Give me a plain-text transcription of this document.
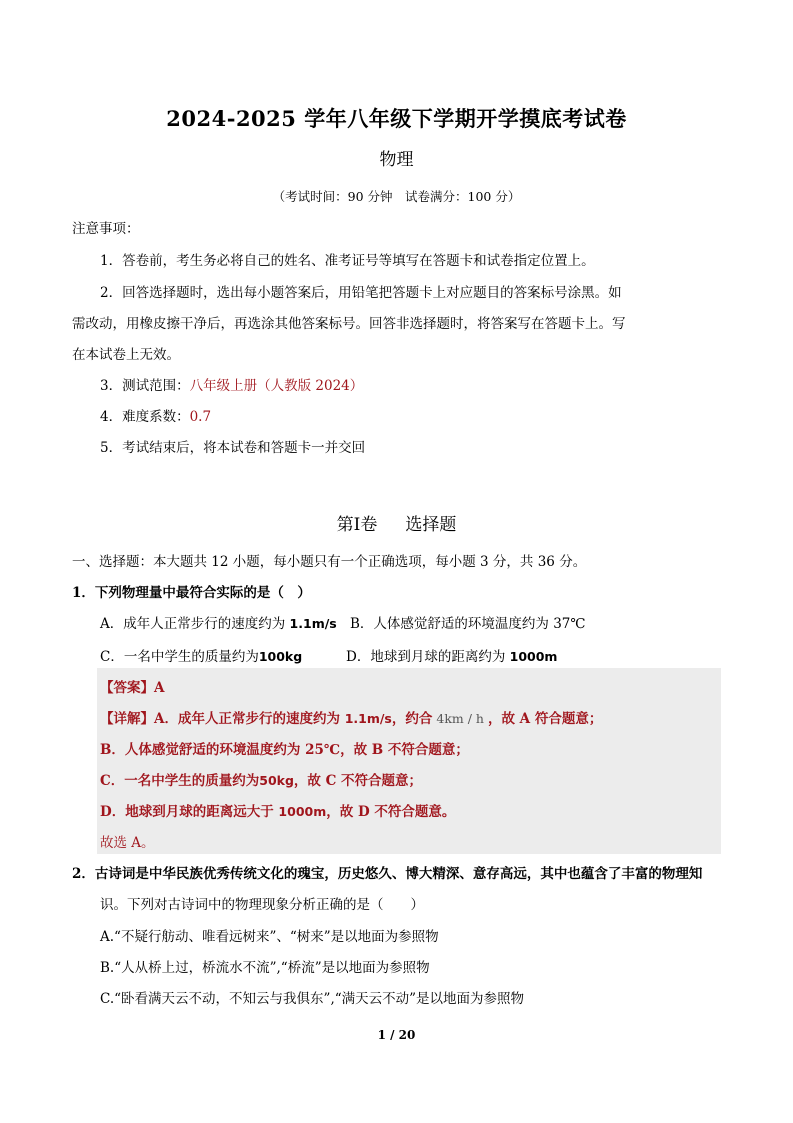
2024-2025 学年八年级下学期开学摸底考试卷
物理
（考试时间：90 分钟　试卷满分：100 分）
注意事项：
1．答卷前，考生务必将自己的姓名、准考证号等填写在答题卡和试卷指定位置上。
2．回答选择题时，选出每小题答案后，用铅笔把答题卡上对应题目的答案标号涂黑。如
需改动，用橡皮擦干净后，再选涂其他答案标号。回答非选择题时，将答案写在答题卡上。写
在本试卷上无效。
3．测试范围：八年级上册（人教版 2024）
4．难度系数：0.7
5．考试结束后，将本试卷和答题卡一并交回
第Ⅰ卷 选择题
一、选择题：本大题共 12 小题，每小题只有一个正确选项，每小题 3 分，共 36 分。
1．下列物理量中最符合实际的是（　）
A．成年人正常步行的速度约为 1.1m/s B．人体感觉舒适的环境温度约为 37℃
C．一名中学生的质量约为100kg	D．地球到月球的距离约为 1000m
【答案】A
【详解】A．成年人正常步行的速度约为 1.1m/s，约合 4km / h ，故 A 符合题意；
B．人体感觉舒适的环境温度约为 25℃，故 B 不符合题意；
C．一名中学生的质量约为50kg，故 C 不符合题意；
D．地球到月球的距离远大于 1000m，故 D 不符合题意。
故选 A。
2．古诗词是中华民族优秀传统文化的瑰宝，历史悠久、博大精深、意存高远，其中也蕴含了丰富的物理知
识。下列对古诗词中的物理现象分析正确的是（　　）
A.“不疑行舫动、唯看远树来”、“树来”是以地面为参照物
B.“人从桥上过，桥流水不流”,“桥流”是以地面为参照物
C.“卧看满天云不动，不知云与我俱东”,“满天云不动”是以地面为参照物
1 / 20
